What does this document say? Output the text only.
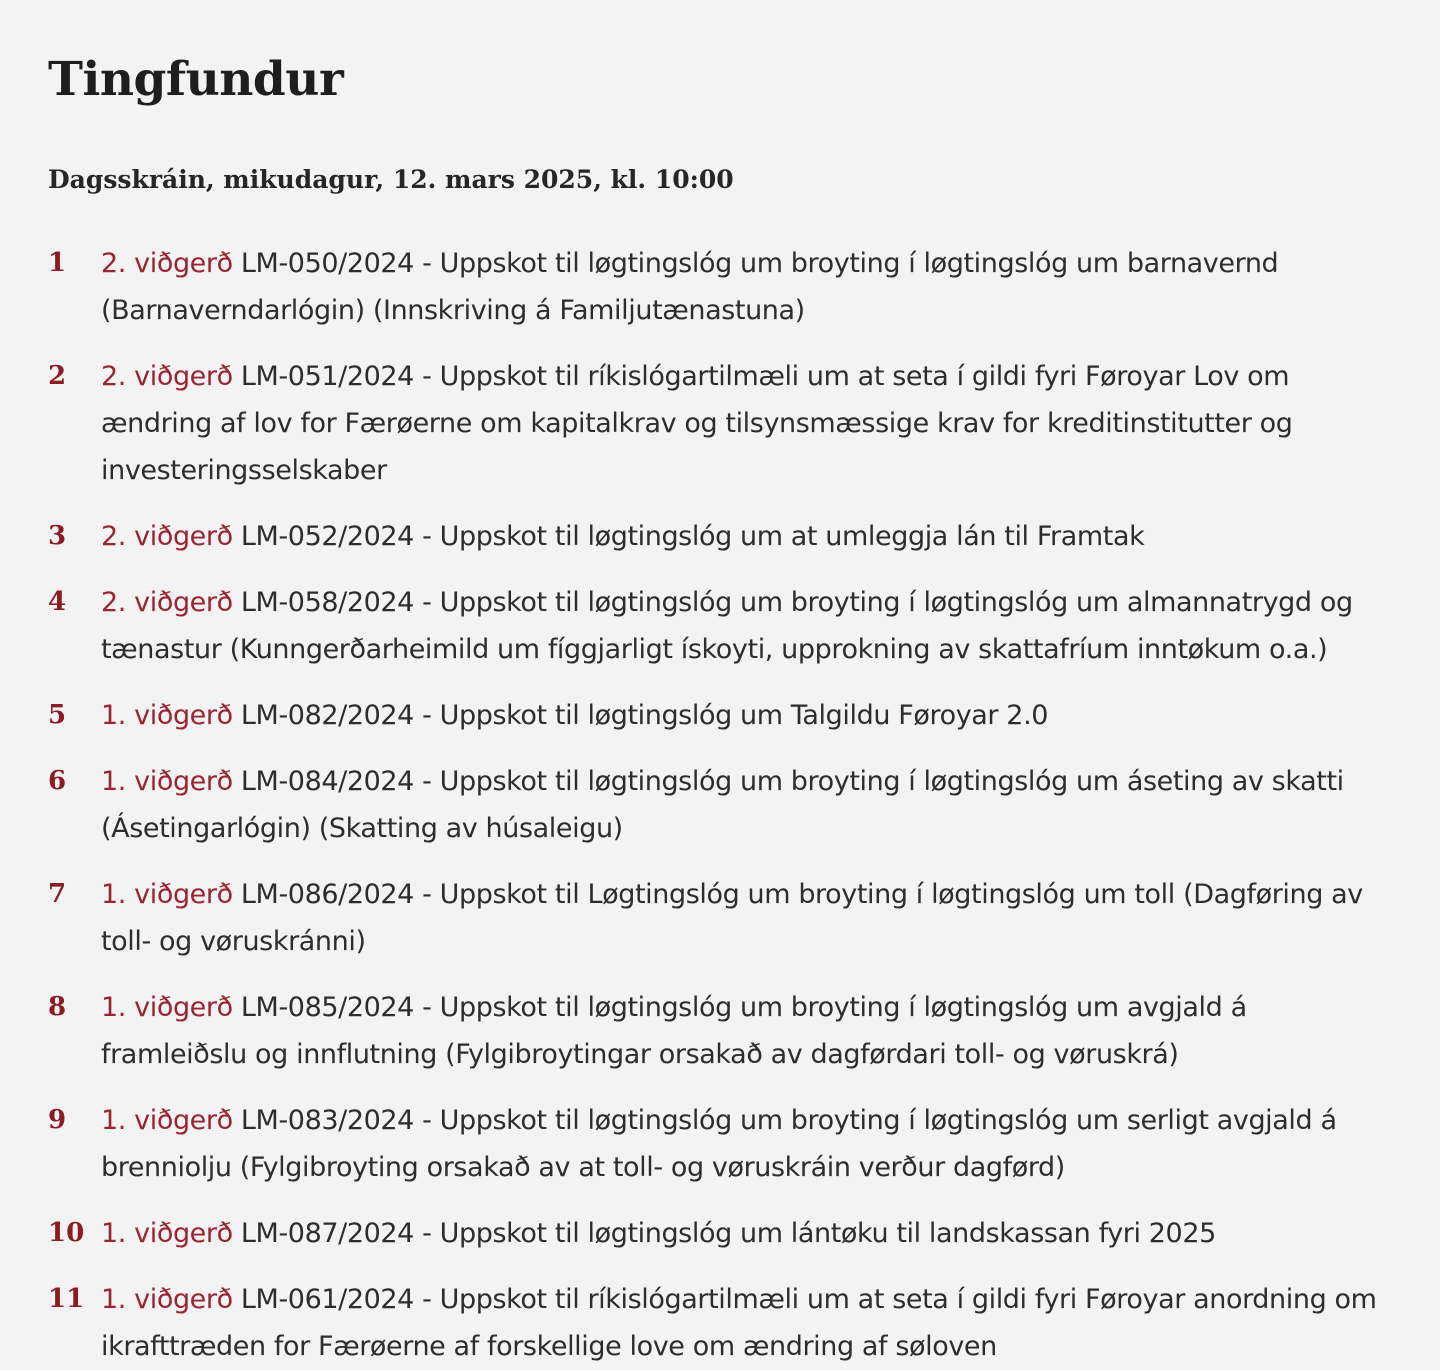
Tingfundur
Dagsskráin, mikudagur, 12. mars 2025, kl. 10:00
1	2. viðgerð LM-050/2024 - Uppskot til løgtingslóg um broyting í løgtingslóg um barnavernd (Barnaverndarlógin) (Innskriving á Familjutænastuna)
2	2. viðgerð LM-051/2024 - Uppskot til ríkislógartilmæli um at seta í gildi fyri Føroyar Lov om ændring af lov for Færøerne om kapitalkrav og tilsynsmæssige krav for kreditinstitutter og investeringsselskaber
3	2. viðgerð LM-052/2024 - Uppskot til løgtingslóg um at umleggja lán til Framtak
4	2. viðgerð LM-058/2024 - Uppskot til løgtingslóg um broyting í løgtingslóg um almannatrygd og tænastur (Kunngerðarheimild um fíggjarligt ískoyti, upprokning av skattafríum inntøkum o.a.)
5	1. viðgerð LM-082/2024 - Uppskot til løgtingslóg um Talgildu Føroyar 2.0
6	1. viðgerð LM-084/2024 - Uppskot til løgtingslóg um broyting í løgtingslóg um áseting av skatti (Ásetingarlógin) (Skatting av húsaleigu)
7	1. viðgerð LM-086/2024 - Uppskot til Løgtingslóg um broyting í løgtingslóg um toll (Dagføring av toll- og vøruskránni)
8	1. viðgerð LM-085/2024 - Uppskot til løgtingslóg um broyting í løgtingslóg um avgjald á framleiðslu og innflutning (Fylgibroytingar orsakað av dagførdari toll- og vøruskrá)
9	1. viðgerð LM-083/2024 - Uppskot til løgtingslóg um broyting í løgtingslóg um serligt avgjald á brenniolju (Fylgibroyting orsakað av at toll- og vøruskráin verður dagførd)
10 1. viðgerð LM-087/2024 - Uppskot til løgtingslóg um lántøku til landskassan fyri 2025
11 1. viðgerð LM-061/2024 - Uppskot til ríkislógartilmæli um at seta í gildi fyri Føroyar anordning om ikrafttræden for Færøerne af forskellige love om ændring af søloven
